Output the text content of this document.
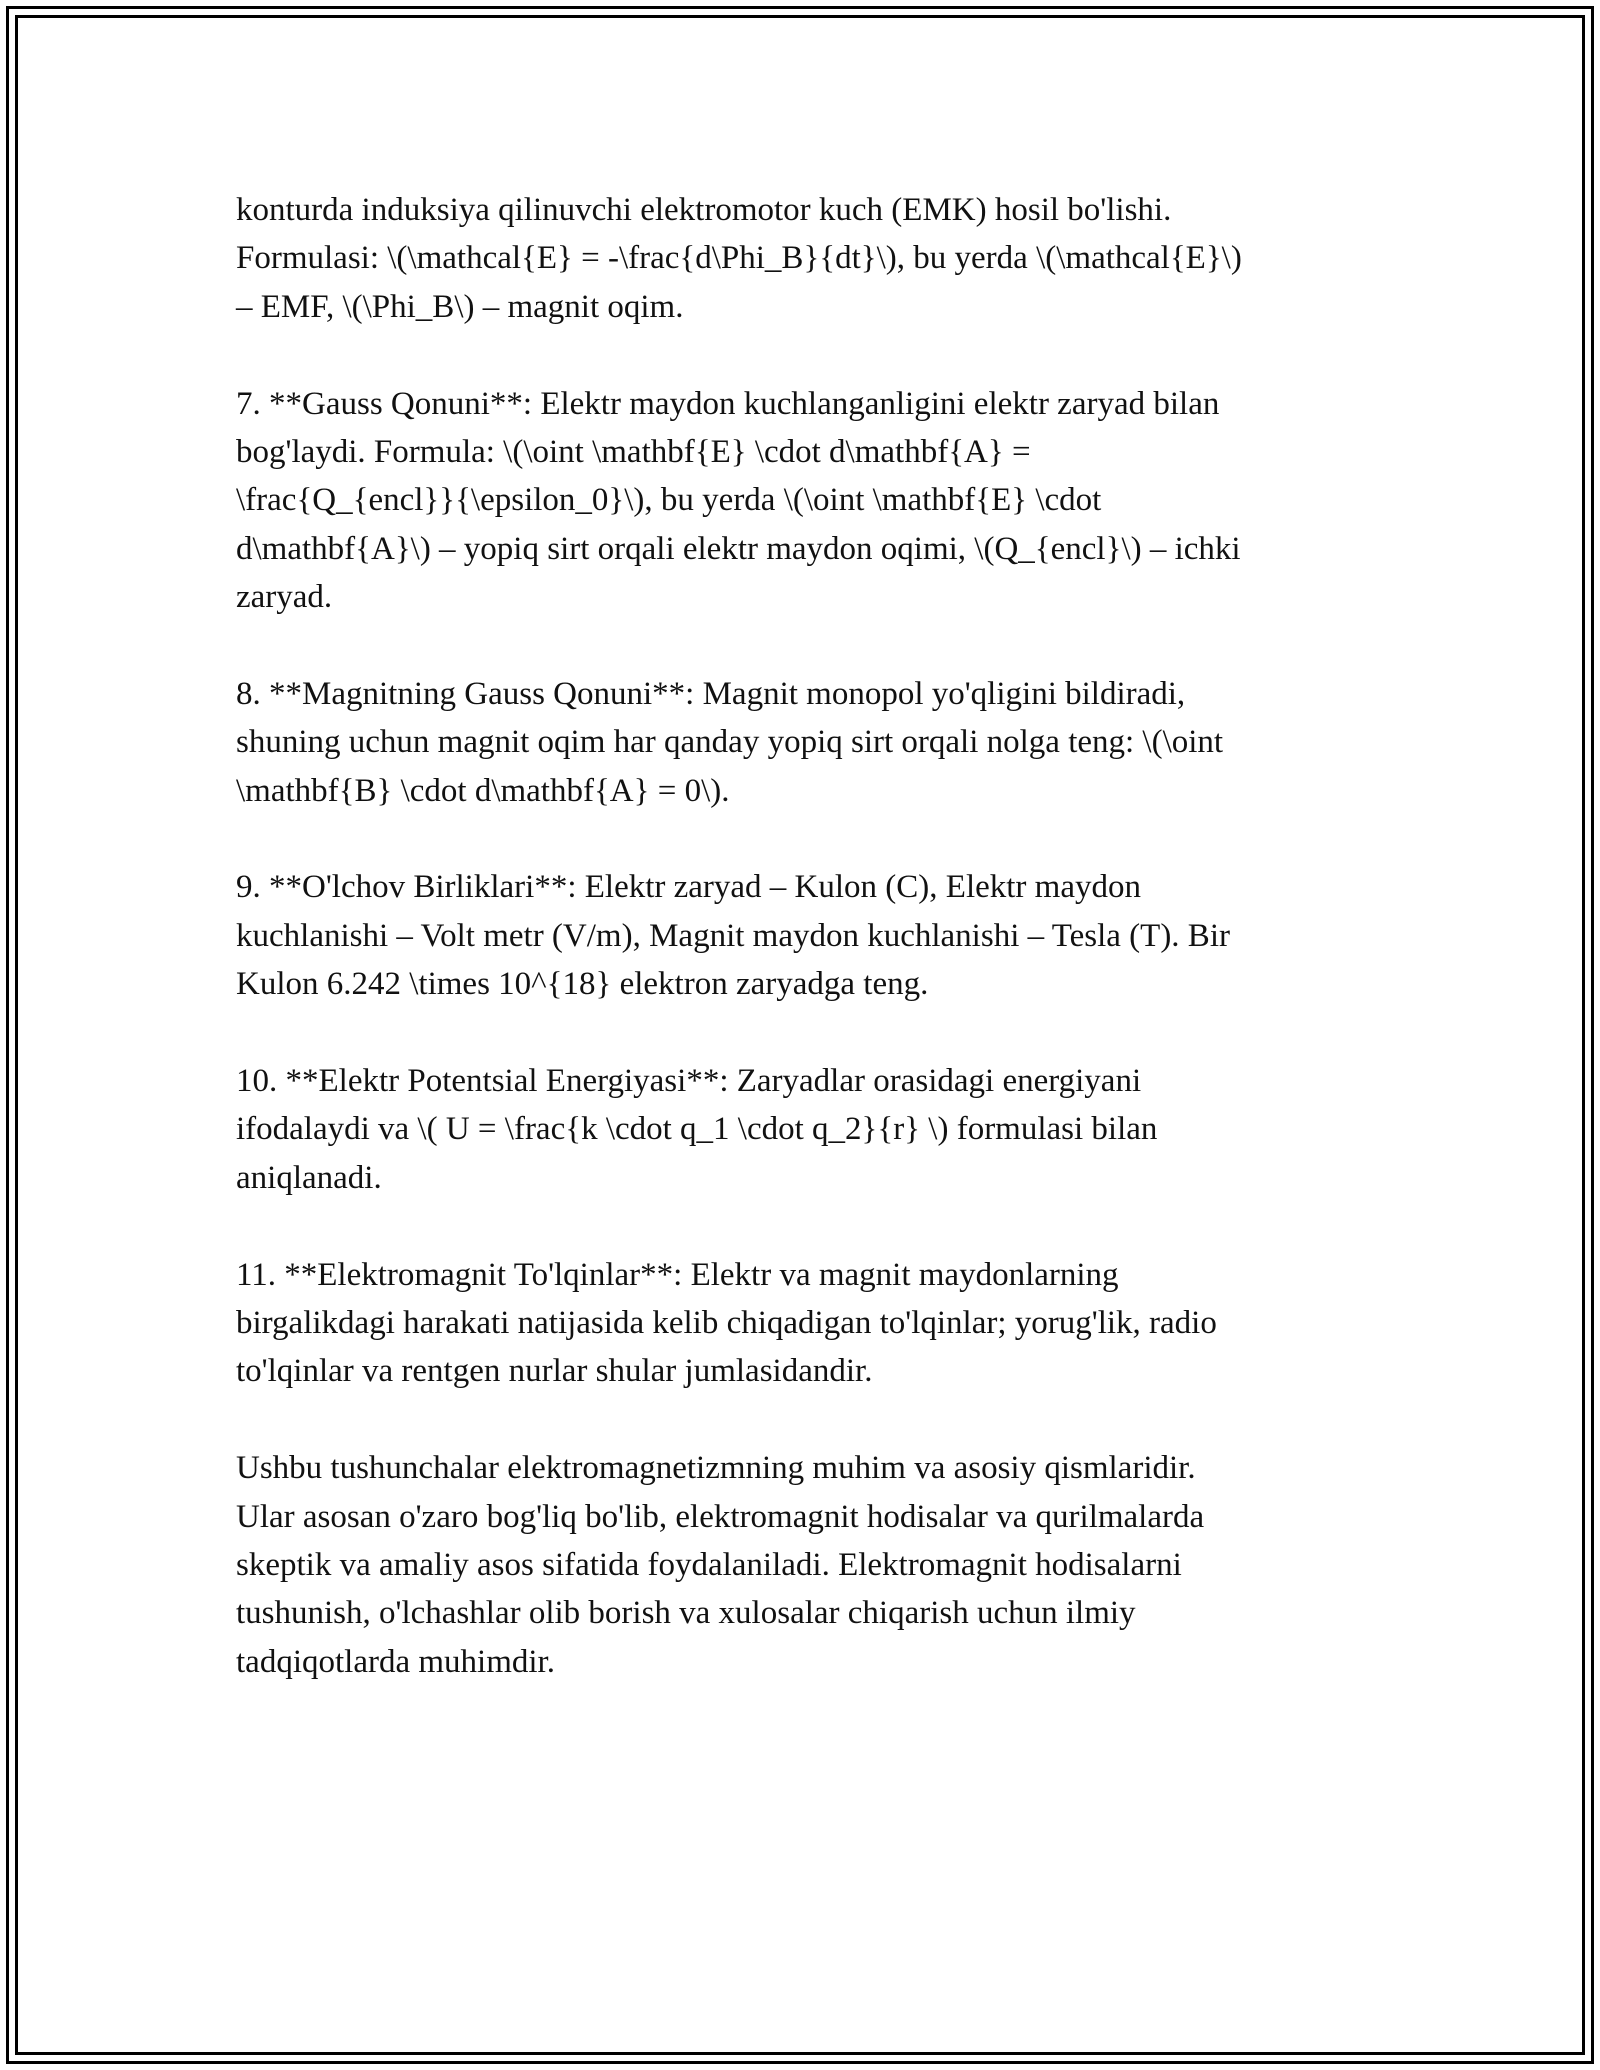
konturda induksiya qilinuvchi elektromotor kuch (EMK) hosil bo'lishi.
Formulasi: \(\mathcal{E} = -\frac{d\Phi_B}{dt}\), bu yerda \(\mathcal{E}\)
– EMF, \(\Phi_B\) – magnit oqim.
7. **Gauss Qonuni**: Elektr maydon kuchlanganligini elektr zaryad bilan
bog'laydi. Formula: \(\oint \mathbf{E} \cdot d\mathbf{A} =
\frac{Q_{encl}}{\epsilon_0}\), bu yerda \(\oint \mathbf{E} \cdot
d\mathbf{A}\) – yopiq sirt orqali elektr maydon oqimi, \(Q_{encl}\) – ichki
zaryad.
8. **Magnitning Gauss Qonuni**: Magnit monopol yo'qligini bildiradi,
shuning uchun magnit oqim har qanday yopiq sirt orqali nolga teng: \(\oint
\mathbf{B} \cdot d\mathbf{A} = 0\).
9. **O'lchov Birliklari**: Elektr zaryad – Kulon (C), Elektr maydon
kuchlanishi – Volt metr (V/m), Magnit maydon kuchlanishi – Tesla (T). Bir
Kulon 6.242 \times 10^{18} elektron zaryadga teng.
10. **Elektr Potentsial Energiyasi**: Zaryadlar orasidagi energiyani
ifodalaydi va \( U = \frac{k \cdot q_1 \cdot q_2}{r} \) formulasi bilan
aniqlanadi.
11. **Elektromagnit To'lqinlar**: Elektr va magnit maydonlarning
birgalikdagi harakati natijasida kelib chiqadigan to'lqinlar; yorug'lik, radio
to'lqinlar va rentgen nurlar shular jumlasidandir.
Ushbu tushunchalar elektromagnetizmning muhim va asosiy qismlaridir.
Ular asosan o'zaro bog'liq bo'lib, elektromagnit hodisalar va qurilmalarda
skeptik va amaliy asos sifatida foydalaniladi. Elektromagnit hodisalarni
tushunish, o'lchashlar olib borish va xulosalar chiqarish uchun ilmiy
tadqiqotlarda muhimdir.
